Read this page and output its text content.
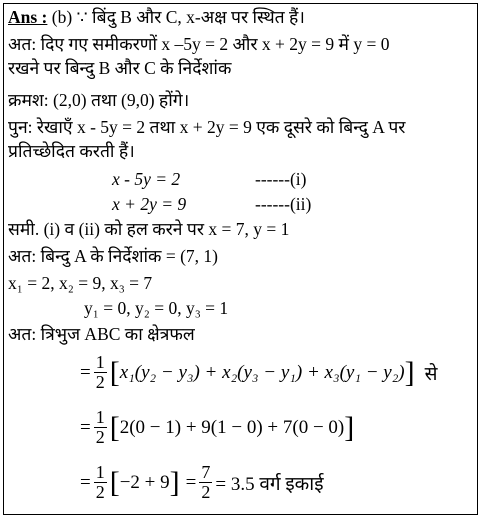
Ans : (b) ∵ बिंदु B और C, x-अक्ष पर स्थित हैं।
अत: दिए गए समीकरणों x –5y = 2 और x + 2y = 9 में y = 0
रखने पर बिन्दु B और C के निर्देशांक
क्रमश: (2,0) तथा (9,0) होंगे।
पुन: रेखाएँ x - 5y = 2 तथा x + 2y = 9 एक दूसरे को बिन्दु A पर
प्रतिच्छेदित करती हैं।
x - 5y = 2	------(i)
x + 2y = 9	------(ii)
समी. (i) व (ii) को हल करने पर x = 7, y = 1
अत: बिन्दु A के निर्देशांक = (7, 1)
x₁ = 2, x₂ = 9, x₃ = 7
y₁ = 0, y₂ = 0, y₃ = 1
अत: त्रिभुज ABC का क्षेत्रफल
= $\frac{1}{2}$ [ x₁(y₂ − y₃) + x₂(y₃ − y₁) + x₃(y₁ − y₂) ] से
= $\frac{1}{2}$ [ 2(0 − 1) + 9(1 − 0) + 7(0 − 0) ]
= $\frac{1}{2}$ [ −2 + 9 ] = $\frac{7}{2} = 3.5$ वर्ग इकाई
